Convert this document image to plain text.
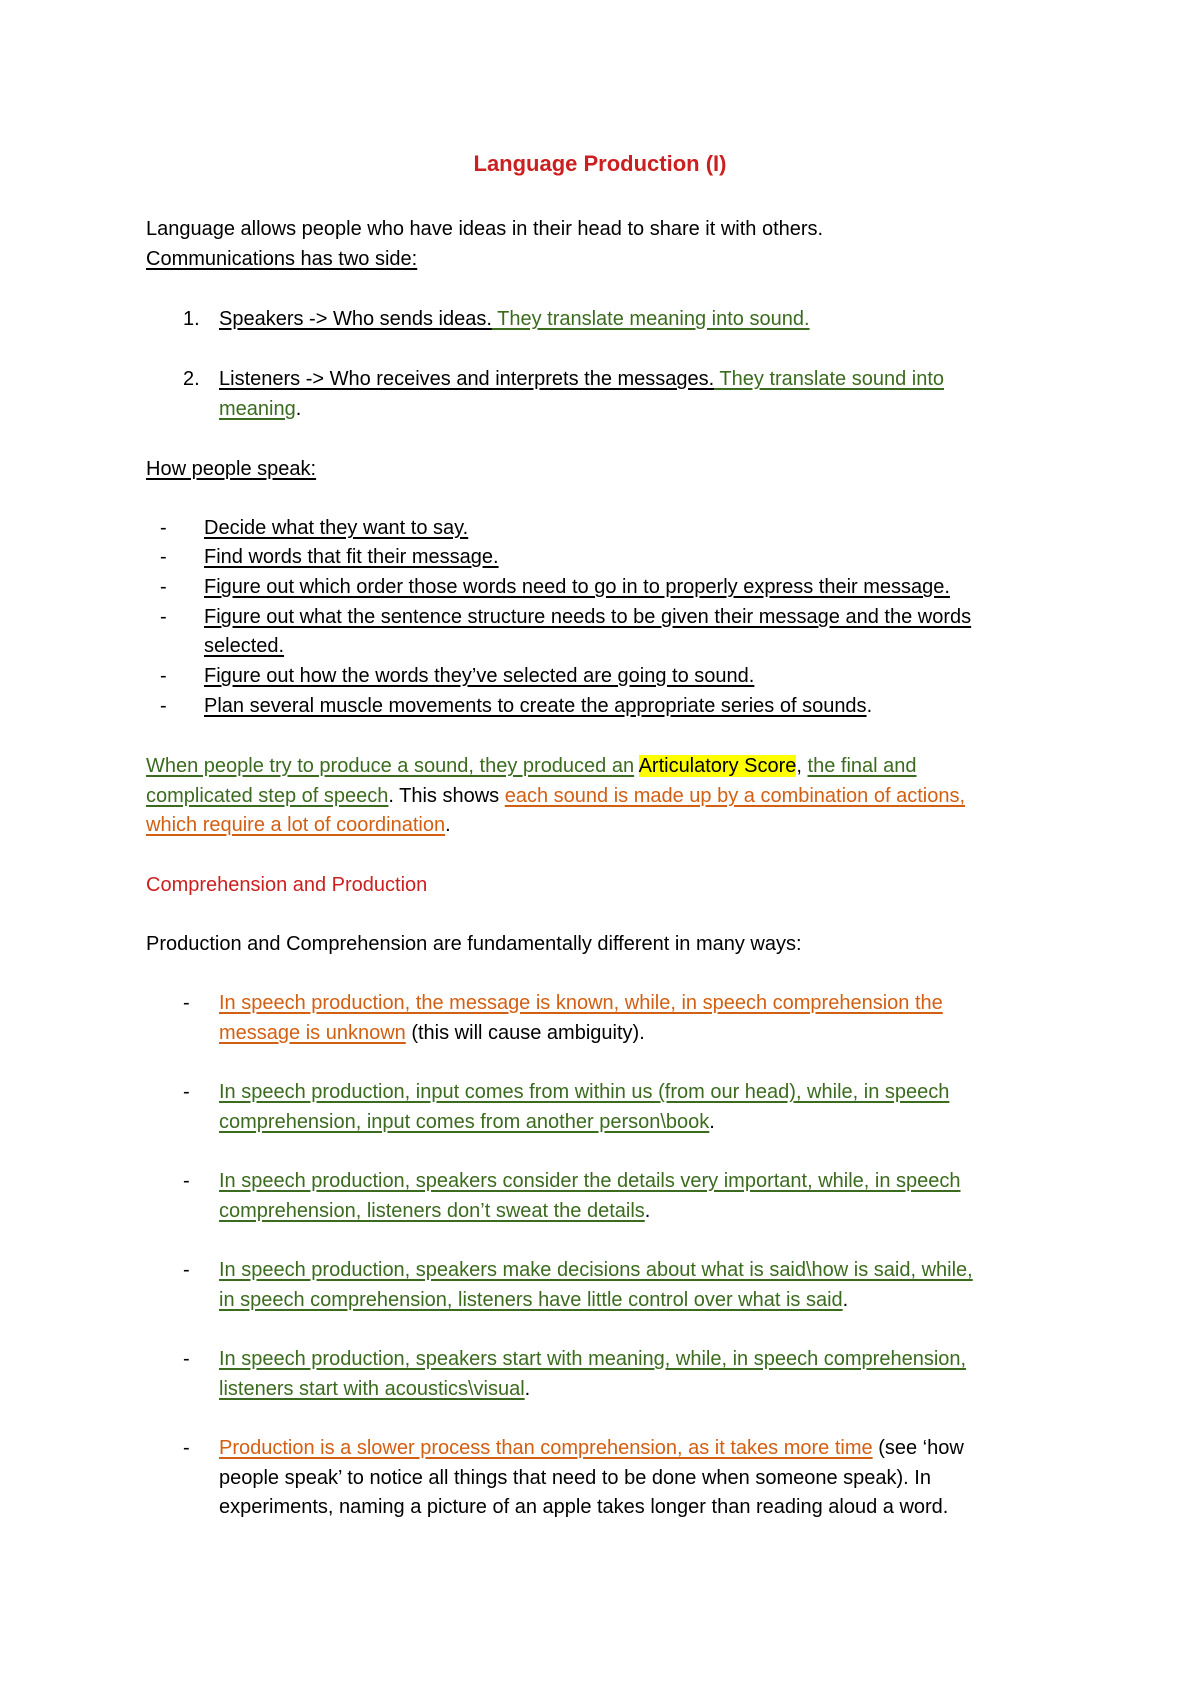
Language Production (I)

Language allows people who have ideas in their head to share it with others.

Communications has two side:

1. Speakers -> Who sends ideas. They translate meaning into sound.

2. Listeners -> Who receives and interprets the messages. They translate sound into

meaning.

How people speak:

- Decide what they want to say.

- Find words that fit their message.

- Figure out which order those words need to go in to properly express their message.

- Figure out what the sentence structure needs to be given their message and the words

selected.

- Figure out how the words they’ve selected are going to sound.

- Plan several muscle movements to create the appropriate series of sounds.

When people try to produce a sound, they produced an Articulatory Score, the final and

complicated step of speech. This shows each sound is made up by a combination of actions,

which require a lot of coordination.

Comprehension and Production

Production and Comprehension are fundamentally different in many ways:

- In speech production, the message is known, while, in speech comprehension the

message is unknown (this will cause ambiguity).

- In speech production, input comes from within us (from our head), while, in speech

comprehension, input comes from another person\book.

- In speech production, speakers consider the details very important, while, in speech

comprehension, listeners don’t sweat the details.

- In speech production, speakers make decisions about what is said\how is said, while,

in speech comprehension, listeners have little control over what is said.

- In speech production, speakers start with meaning, while, in speech comprehension,

listeners start with acoustics\visual.

- Production is a slower process than comprehension, as it takes more time (see ‘how

people speak’ to notice all things that need to be done when someone speak). In

experiments, naming a picture of an apple takes longer than reading aloud a word.
